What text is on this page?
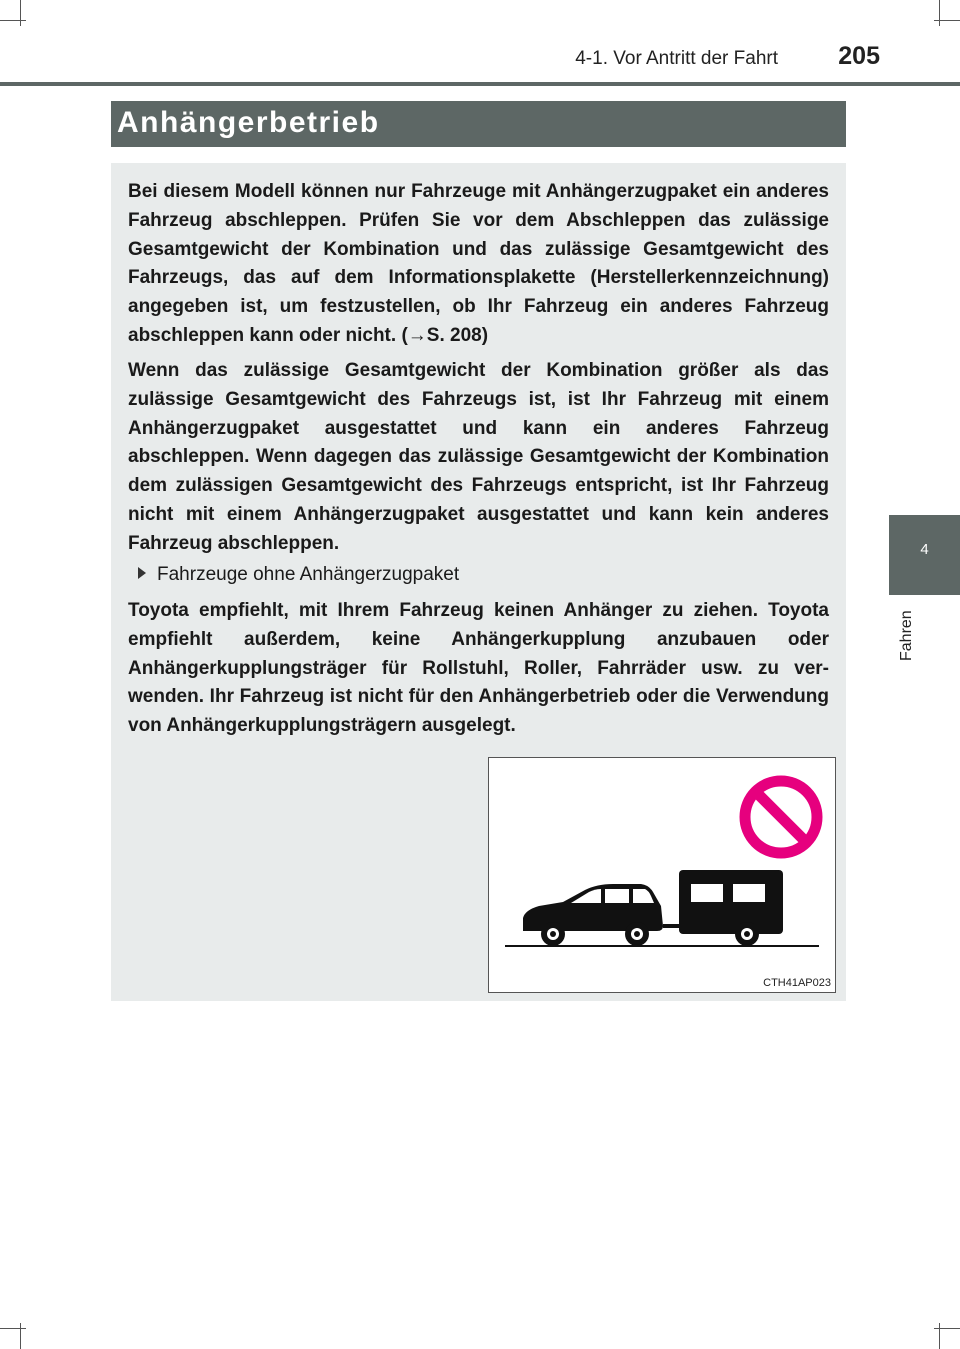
4-1. Vor Antritt der Fahrt	205
Anhängerbetrieb

Bei diesem Modell können nur Fahrzeuge mit Anhängerzugpaket ein anderes Fahrzeug abschleppen. Prüfen Sie vor dem Abschleppen das zulässige Gesamtgewicht der Kombination und das zulässige Gesamtgewicht des Fahrzeugs, das auf dem Informationsplakette (Herstellerkennzeichnung) angegeben ist, um festzustellen, ob Ihr Fahrzeug ein anderes Fahrzeug abschleppen kann oder nicht. (→S. 208)

Wenn das zulässige Gesamtgewicht der Kombination größer als das zulässige Gesamtgewicht des Fahrzeugs ist, ist Ihr Fahrzeug mit einem Anhängerzugpaket ausgestattet und kann ein anderes Fahrzeug abschleppen. Wenn dagegen das zulässige Gesamtgewicht der Kombination dem zulässigen Gesamtgewicht des Fahrzeugs entspricht, ist Ihr Fahrzeug nicht mit einem Anhängerzugpaket ausgestattet und kann kein anderes Fahrzeug abschleppen.

Fahrzeuge ohne Anhängerzugpaket

Toyota empfiehlt, mit Ihrem Fahrzeug keinen Anhänger zu ziehen. Toyota empfiehlt außerdem, keine Anhängerkupplung anzubauen oder Anhängerkupplungsträger für Rollstuhl, Roller, Fahrräder usw. zu verwenden. Ihr Fahrzeug ist nicht für den Anhängerbetrieb oder die Verwendung von Anhängerkupplungsträgern ausgelegt.

CTH41AP023
4
Fahren
